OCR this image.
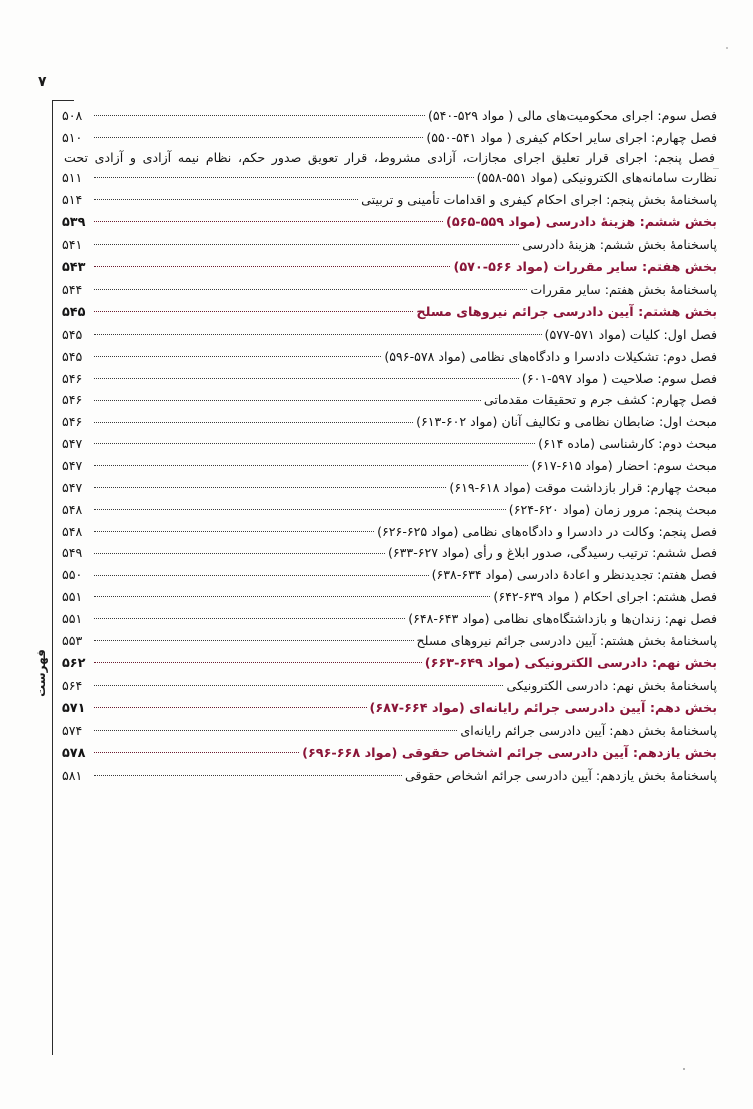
۷
فهرست
فصل سوم: اجرای محکومیت‌های مالی ( مواد ۵۲۹-۵۴۰)
۵۰۸
فصل چهارم: اجرای سایر احکام کیفری ( مواد ۵۴۱-۵۵۰)
۵۱۰
فصل پنجم: اجرای قرار تعلیق اجرای مجازات، آزادی مشروط، قرار تعویق صدور حکم، نظام نیمه آزادی و آزادی تحت
نظارت سامانه‌های الکترونیکی (مواد ۵۵۱-۵۵۸)
۵۱۱
پاسخنامهٔ بخش پنجم: اجرای احکام کیفری و اقدامات تأمینی و تربیتی
۵۱۴
بخش ششم: هزینهٔ دادرسی (مواد ۵۵۹-۵۶۵)
۵۳۹
پاسخنامهٔ بخش ششم: هزینهٔ دادرسی
۵۴۱
بخش هفتم: سایر مقررات (مواد ۵۶۶-۵۷۰)
۵۴۳
پاسخنامهٔ بخش هفتم: سایر مقررات
۵۴۴
بخش هشتم: آیین دادرسی جرائم نیروهای مسلح
۵۴۵
فصل اول: کلیات (مواد ۵۷۱-۵۷۷)
۵۴۵
فصل دوم: تشکیلات دادسرا و دادگاه‌های نظامی (مواد ۵۷۸-۵۹۶)
۵۴۵
فصل سوم: صلاحیت ( مواد ۵۹۷-۶۰۱)
۵۴۶
فصل چهارم: کشف جرم و تحقیقات مقدماتی
۵۴۶
مبحث اول: ضابطان نظامی و تکالیف آنان (مواد ۶۰۲-۶۱۳)
۵۴۶
مبحث دوم: کارشناسی (ماده ۶۱۴)
۵۴۷
مبحث سوم: احضار (مواد ۶۱۵-۶۱۷)
۵۴۷
مبحث چهارم: قرار بازداشت موقت (مواد ۶۱۸-۶۱۹)
۵۴۷
مبحث پنجم: مرور زمان (مواد ۶۲۰-۶۲۴)
۵۴۸
فصل پنجم: وکالت در دادسرا و دادگاه‌های نظامی (مواد ۶۲۵-۶۲۶)
۵۴۸
فصل ششم: ترتیب رسیدگی، صدور ابلاغ و رأی (مواد ۶۲۷-۶۳۳)
۵۴۹
فصل هفتم: تجدیدنظر و اعادهٔ دادرسی (مواد ۶۳۴-۶۳۸)
۵۵۰
فصل هشتم: اجرای احکام ( مواد ۶۳۹-۶۴۲)
۵۵۱
فصل نهم: زندان‌ها و بازداشتگاه‌های نظامی (مواد ۶۴۳-۶۴۸)
۵۵۱
پاسخنامهٔ بخش هشتم: آیین دادرسی جرائم نیروهای مسلح
۵۵۳
بخش نهم: دادرسی الکترونیکی (مواد ۶۴۹-۶۶۳)
۵۶۲
پاسخنامهٔ بخش نهم: دادرسی الکترونیکی
۵۶۴
بخش دهم: آیین دادرسی جرائم رایانه‌ای (مواد ۶۶۴-۶۸۷)
۵۷۱
پاسخنامهٔ بخش دهم: آیین دادرسی جرائم رایانه‌ای
۵۷۴
بخش یازدهم: آیین دادرسی جرائم اشخاص حقوقی (مواد ۶۶۸-۶۹۶)
۵۷۸
پاسخنامهٔ بخش یازدهم: آیین دادرسی جرائم اشخاص حقوقی
۵۸۱
